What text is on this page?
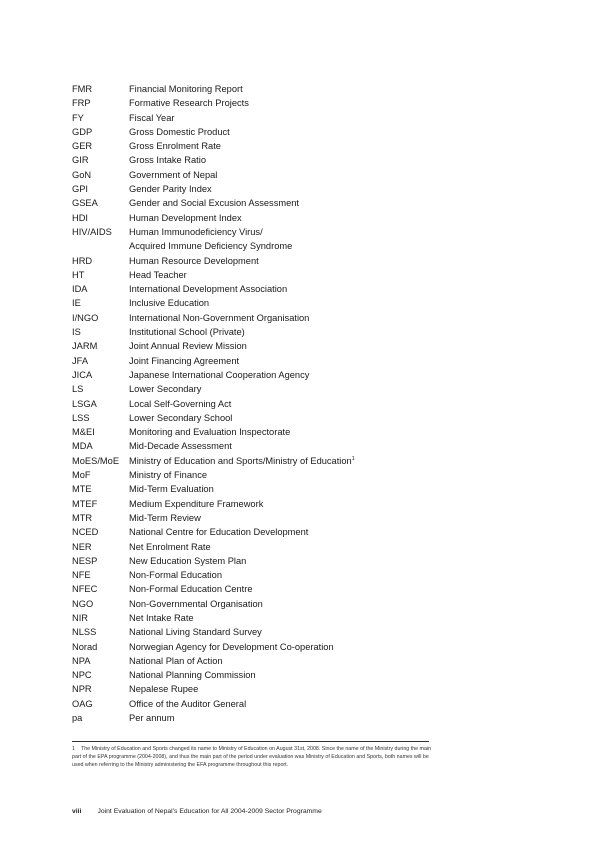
FMR	Financial Monitoring Report
FRP	Formative Research Projects
FY	Fiscal Year
GDP	Gross Domestic Product
GER	Gross Enrolment Rate
GIR	Gross Intake Ratio
GoN	Government of Nepal
GPI	Gender Parity Index
GSEA	Gender and Social Excusion Assessment
HDI	Human Development Index
HIV/AIDS	Human Immunodeficiency Virus/
Acquired Immune Deficiency Syndrome
HRD	Human Resource Development
HT	Head Teacher
IDA	International Development Association
IE	Inclusive Education
I/NGO	International Non-Government Organisation
IS	Institutional School (Private)
JARM	Joint Annual Review Mission
JFA	Joint Financing Agreement
JICA	Japanese International Cooperation Agency
LS	Lower Secondary
LSGA	Local Self-Governing Act
LSS	Lower Secondary School
M&EI	Monitoring and Evaluation Inspectorate
MDA	Mid-Decade Assessment
MoES/MoE	Ministry of Education and Sports/Ministry of Education$^1$
MoF	Ministry of Finance
MTE	Mid-Term Evaluation
MTEF	Medium Expenditure Framework
MTR	Mid-Term Review
NCED	National Centre for Education Development
NER	Net Enrolment Rate
NESP	New Education System Plan
NFE	Non-Formal Education
NFEC	Non-Formal Education Centre
NGO	Non-Governmental Organisation
NIR	Net Intake Rate
NLSS	National Living Standard Survey
Norad	Norwegian Agency for Development Co-operation
NPA	National Plan of Action
NPC	National Planning Commission
NPR	Nepalese Rupee
OAG	Office of the Auditor General
pa	Per annum
1 The Ministry of Education and Sports changed its name to Ministry of Education on August 31st, 2008. Since the name of the Ministry during the main part of the EPA programme (2004-2008), and thus the main part of the period under evaluation was Ministry of Education and Sports, both names will be used when referring to the Ministry administering the EFA programme throughout this report.
viii Joint Evaluation of Nepal’s Education for All 2004-2009 Sector Programme
